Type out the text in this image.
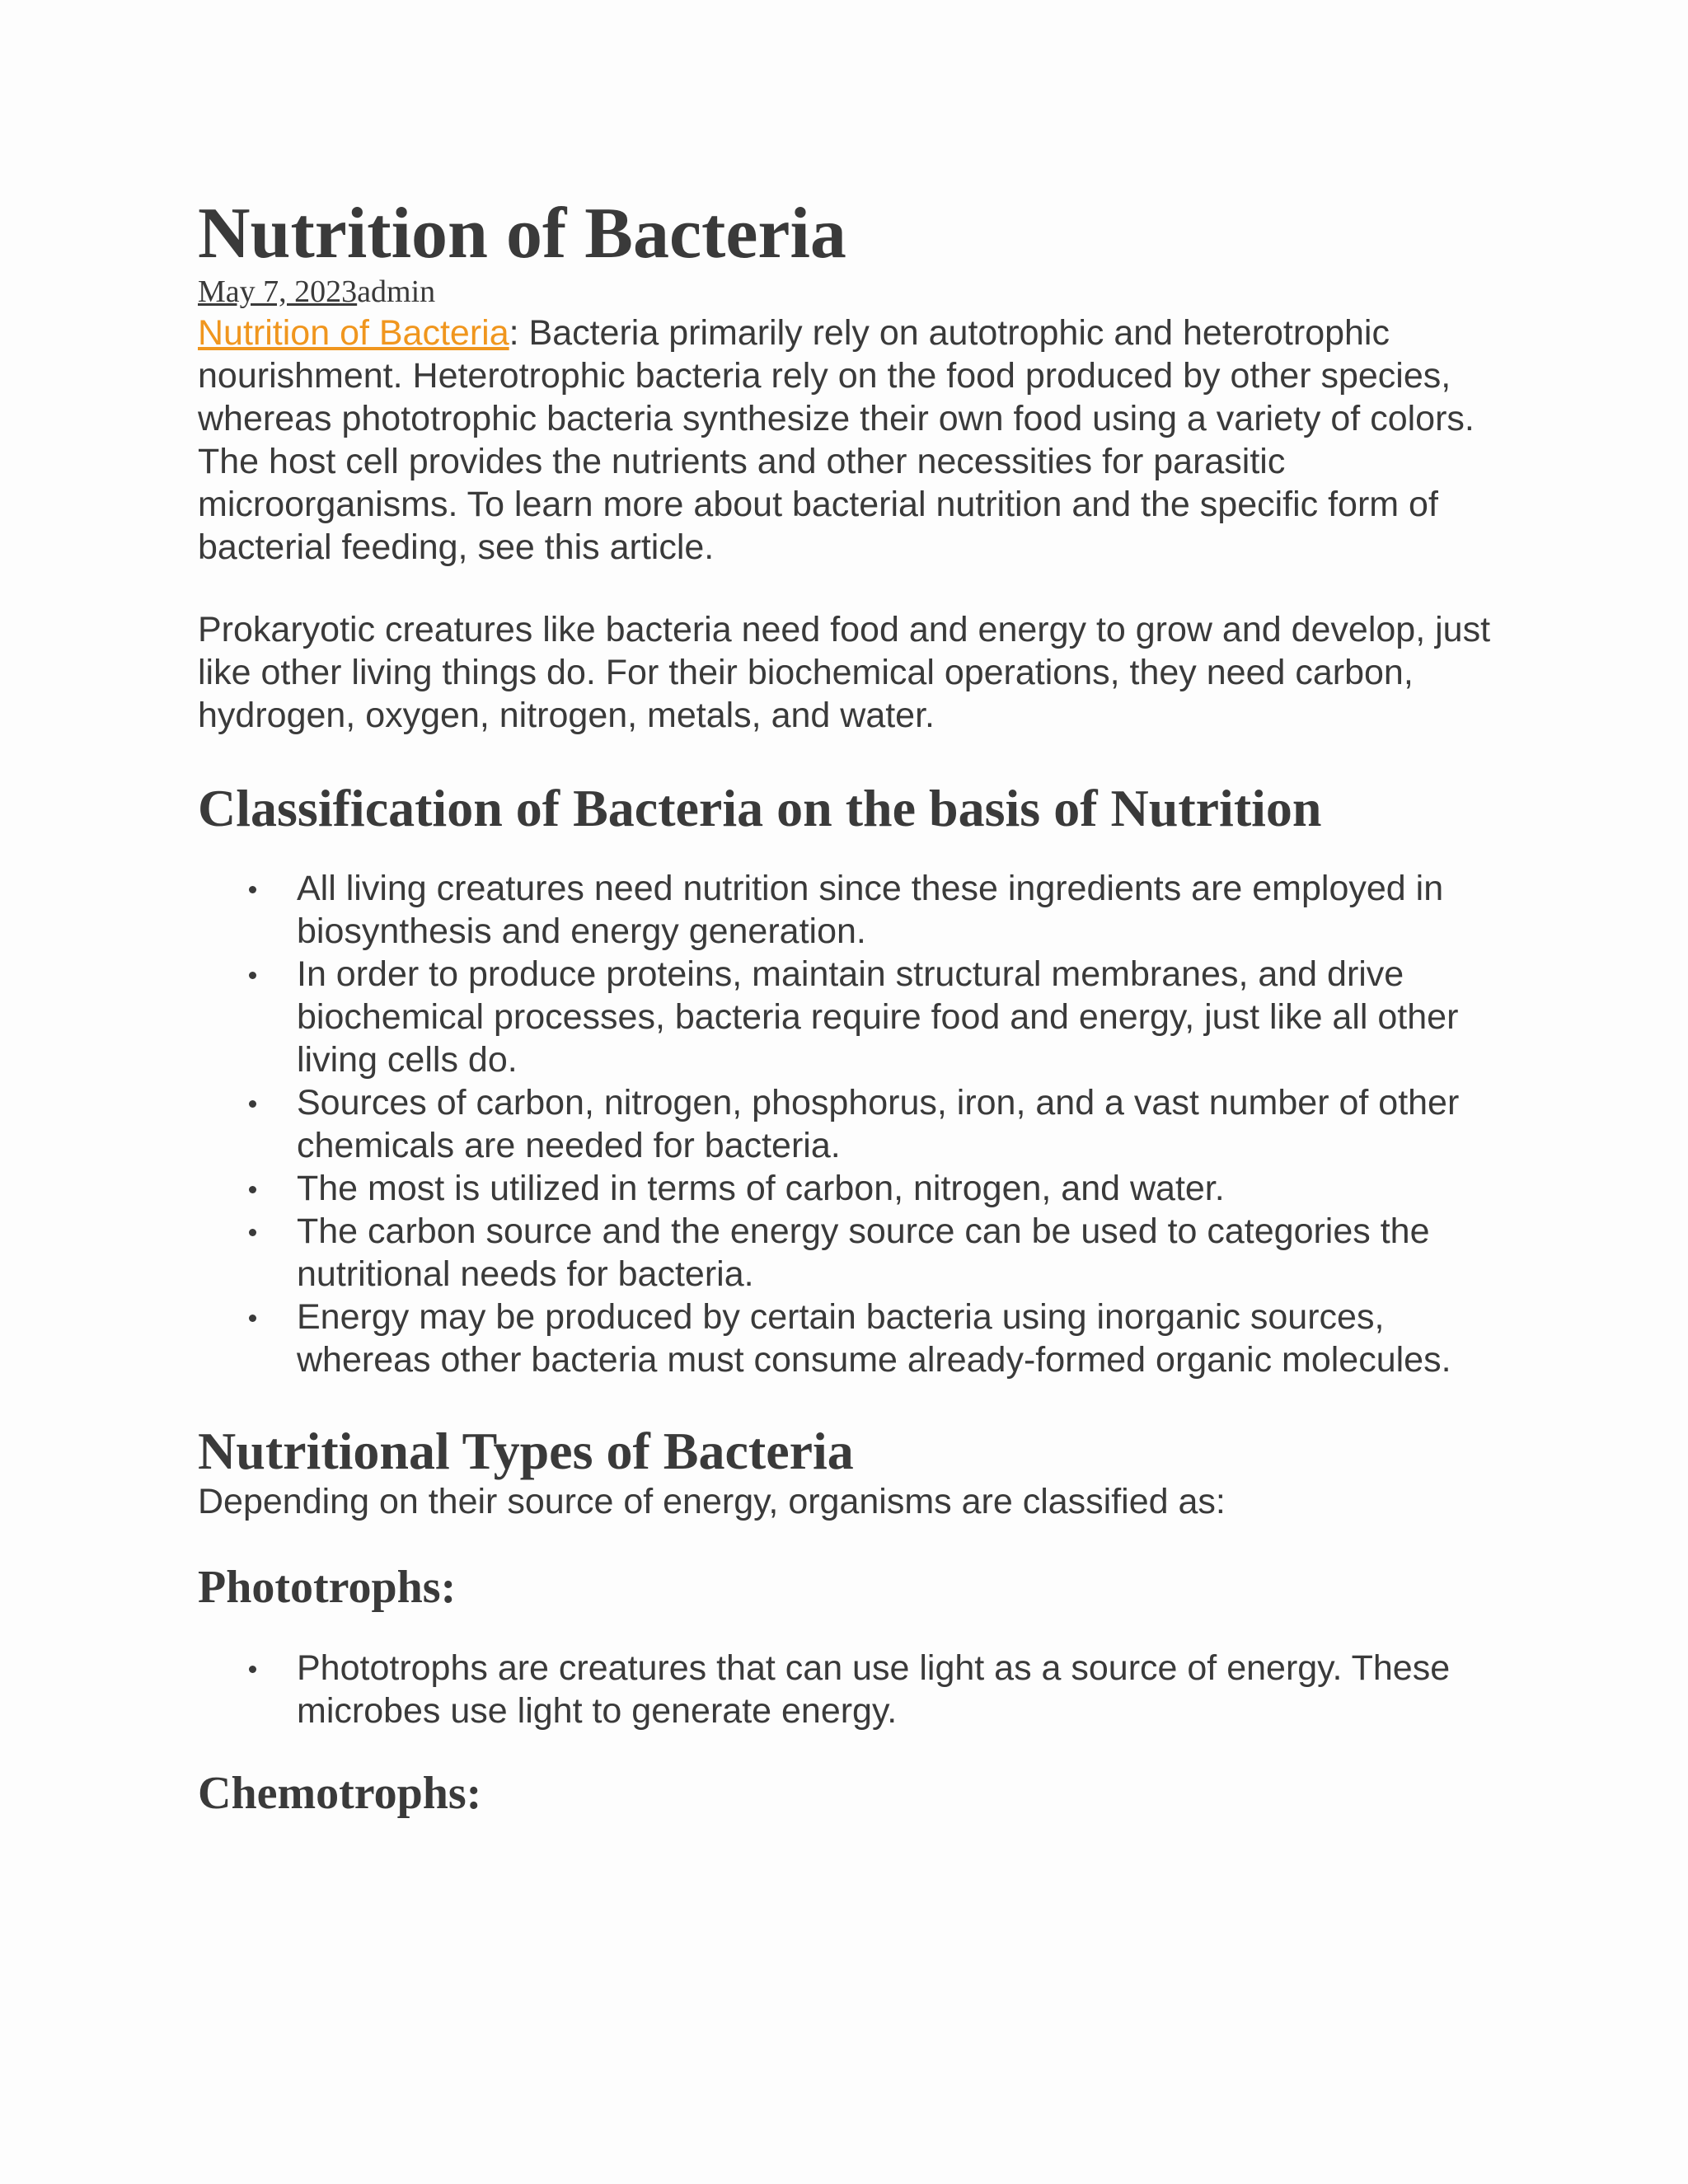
Nutrition of Bacteria
May 7, 2023admin

Nutrition of Bacteria: Bacteria primarily rely on autotrophic and heterotrophic nourishment. Heterotrophic bacteria rely on the food produced by other species, whereas phototrophic bacteria synthesize their own food using a variety of colors. The host cell provides the nutrients and other necessities for parasitic microorganisms. To learn more about bacterial nutrition and the specific form of bacterial feeding, see this article.

Prokaryotic creatures like bacteria need food and energy to grow and develop, just like other living things do. For their biochemical operations, they need carbon, hydrogen, oxygen, nitrogen, metals, and water.

Classification of Bacteria on the basis of Nutrition
All living creatures need nutrition since these ingredients are employed in biosynthesis and energy generation.
In order to produce proteins, maintain structural membranes, and drive biochemical processes, bacteria require food and energy, just like all other living cells do.
Sources of carbon, nitrogen, phosphorus, iron, and a vast number of other chemicals are needed for bacteria.
The most is utilized in terms of carbon, nitrogen, and water.
The carbon source and the energy source can be used to categories the nutritional needs for bacteria.
Energy may be produced by certain bacteria using inorganic sources, whereas other bacteria must consume already-formed organic molecules.
Nutritional Types of Bacteria

Depending on their source of energy, organisms are classified as:

Phototrophs:
Phototrophs are creatures that can use light as a source of energy. These microbes use light to generate energy.
Chemotrophs:
